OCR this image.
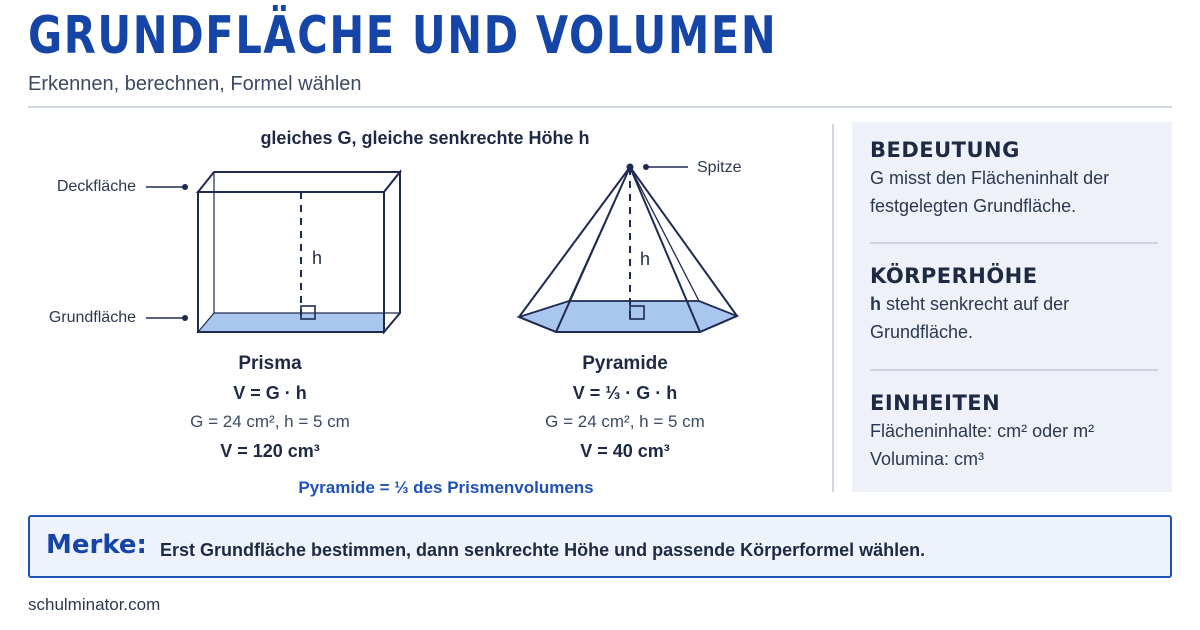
GRUNDFLÄCHE UND VOLUMEN
Erkennen, berechnen, Formel wählen
gleiches G, gleiche senkrechte Höhe h
h
Deckfläche
Grundfläche
Spitze
h
Prisma
V = G · h
G = 24 cm², h = 5 cm
V = 120 cm³
Pyramide
V = ⅓ · G · h
G = 24 cm², h = 5 cm
V = 40 cm³
Pyramide = ⅓ des Prismenvolumens
BEDEUTUNG
G misst den Flächeninhalt der festgelegten Grundfläche.
KÖRPERHÖHE
h steht senkrecht auf der Grundfläche.
EINHEITEN
Flächeninhalte: cm² oder m²
Volumina: cm³
Merke: Erst Grundfläche bestimmen, dann senkrechte Höhe und passende Körperformel wählen.
schulminator.com
